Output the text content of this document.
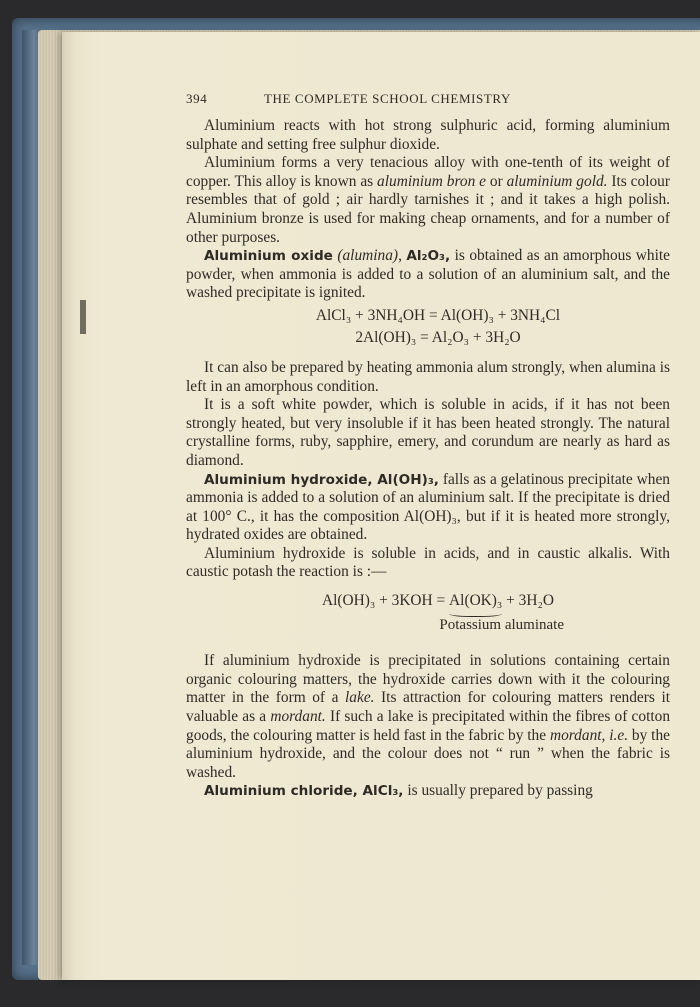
394	THE COMPLETE SCHOOL CHEMISTRY

Aluminium reacts with hot strong sulphuric acid, forming aluminium sulphate and setting free sulphur dioxide.

Aluminium forms a very tenacious alloy with one-tenth of its weight of copper. This alloy is known as aluminium bron e or aluminium gold. Its colour resembles that of gold ; air hardly tarnishes it ; and it takes a high polish. Aluminium bronze is used for making cheap ornaments, and for a number of other purposes.

Aluminium oxide (alumina), Al₂O₃, is obtained as an amorphous white powder, when ammonia is added to a solution of an aluminium salt, and the washed precipitate is ignited.

AlCl₃ + 3NH₄OH = Al(OH)₃ + 3NH₄Cl
2Al(OH)₃ = Al₂O₃ + 3H₂O

It can also be prepared by heating ammonia alum strongly, when alumina is left in an amorphous condition.

It is a soft white powder, which is soluble in acids, if it has not been strongly heated, but very insoluble if it has been heated strongly. The natural crystalline forms, ruby, sapphire, emery, and corundum are nearly as hard as diamond.

Aluminium hydroxide, Al(OH)₃, falls as a gelatinous precipitate when ammonia is added to a solution of an aluminium salt. If the precipitate is dried at 100° C., it has the composition Al(OH)₃, but if it is heated more strongly, hydrated oxides are obtained.

Aluminium hydroxide is soluble in acids, and in caustic alkalis. With caustic potash the reaction is :—

Al(OH)₃ + 3KOH = Al(OK)₃
+ 3H₂O
Potassium aluminate

If aluminium hydroxide is precipitated in solutions containing certain organic colouring matters, the hydroxide carries down with it the colouring matter in the form of a lake. Its attraction for colouring matters renders it valuable as a mordant. If such a lake is precipitated within the fibres of cotton goods, the colouring matter is held fast in the fabric by the mordant, i.e. by the aluminium hydroxide, and the colour does not “ run ” when the fabric is washed.

Aluminium chloride, AlCl₃, is usually prepared by passing
